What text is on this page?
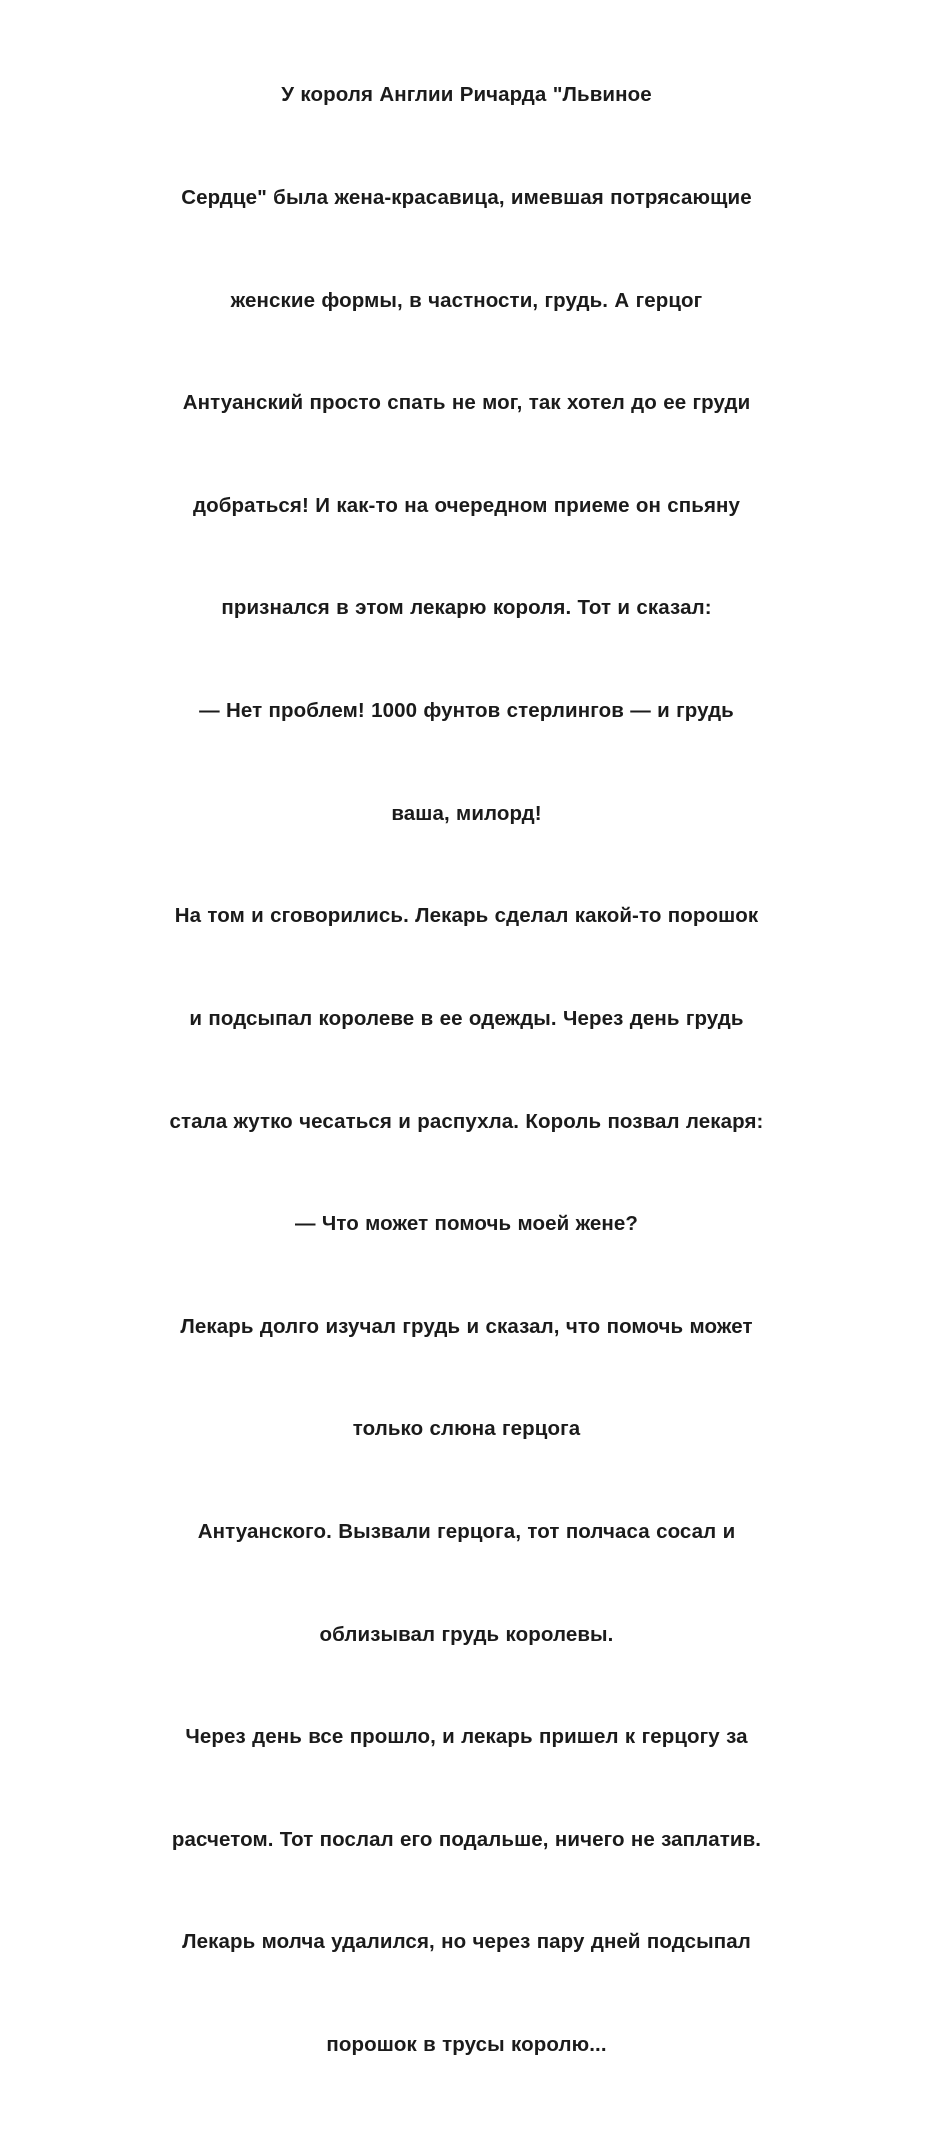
У короля Англии Ричарда "Львиное

Сердце" была жена-красавица, имевшая потрясающие

женские формы, в частности, грудь. А герцог

Антуанский просто спать не мог, так хотел до ее груди

добраться! И как-то на очередном приеме он спьяну

признался в этом лекарю короля. Тот и сказал:

— Нет проблем! 1000 фунтов стерлингов — и грудь

ваша, милорд!

На том и сговорились. Лекарь сделал какой-то порошок

и подсыпал королеве в ее одежды. Через день грудь

стала жутко чесаться и распухла. Король позвал лекаря:

— Что может помочь моей жене?

Лекарь долго изучал грудь и сказал, что помочь может

только слюна герцога

Антуанского. Вызвали герцога, тот полчаса сосал и

облизывал грудь королевы.

Через день все прошло, и лекарь пришел к герцогу за

расчетом. Тот послал его подальше, ничего не заплатив.

Лекарь молча удалился, но через пару дней подсыпал

порошок в трусы королю...
